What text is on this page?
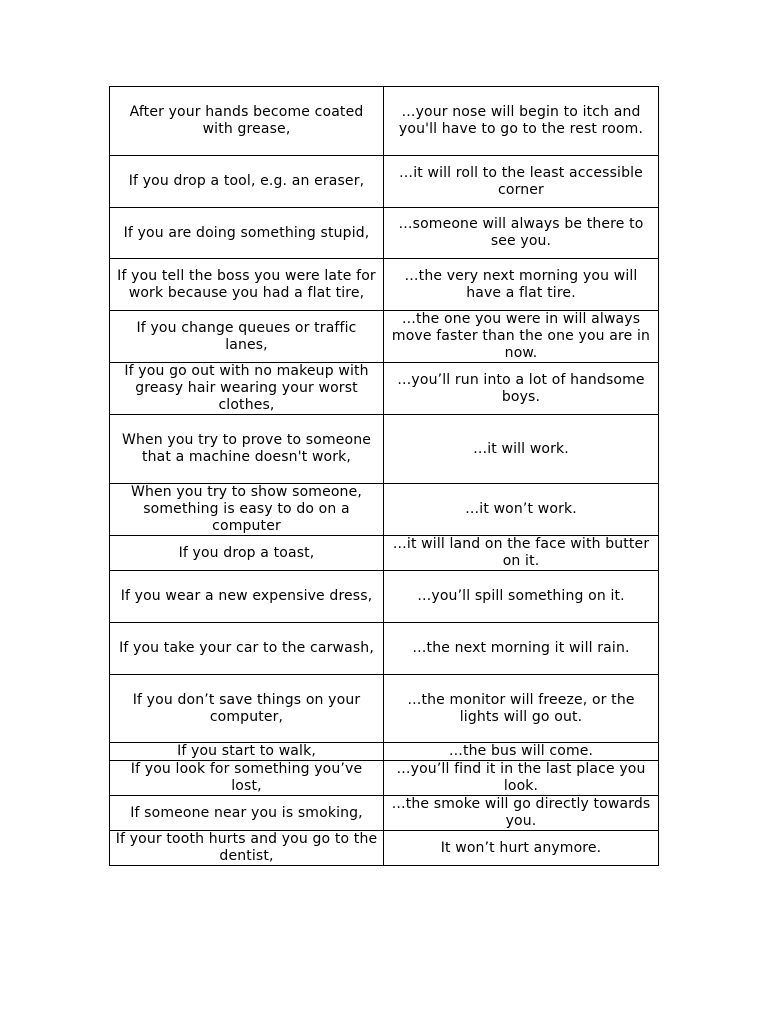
After your hands become coated with grease,	…your nose will begin to itch and you'll have to go to the rest room.
If you drop a tool, e.g. an eraser,	…it will roll to the least accessible corner
If you are doing something stupid,	…someone will always be there to see you.
If you tell the boss you were late for work because you had a flat tire,	…the very next morning you will have a flat tire.
If you change queues or traffic lanes,	…the one you were in will always move faster than the one you are in now.
If you go out with no makeup with greasy hair wearing your worst clothes,	…you’ll run into a lot of handsome boys.
When you try to prove to someone that a machine doesn't work,	…it will work.
When you try to show someone, something is easy to do on a computer	…it won’t work.
If you drop a toast,	…it will land on the face with butter on it.
If you wear a new expensive dress,	…you’ll spill something on it.
If you take your car to the carwash,	…the next morning it will rain.
If you don’t save things on your computer,	…the monitor will freeze, or the lights will go out.
If you start to walk,	…the bus will come.
If you look for something you’ve lost,	…you’ll find it in the last place you look.
If someone near you is smoking,	…the smoke will go directly towards you.
If your tooth hurts and you go to the dentist,	It won’t hurt anymore.
